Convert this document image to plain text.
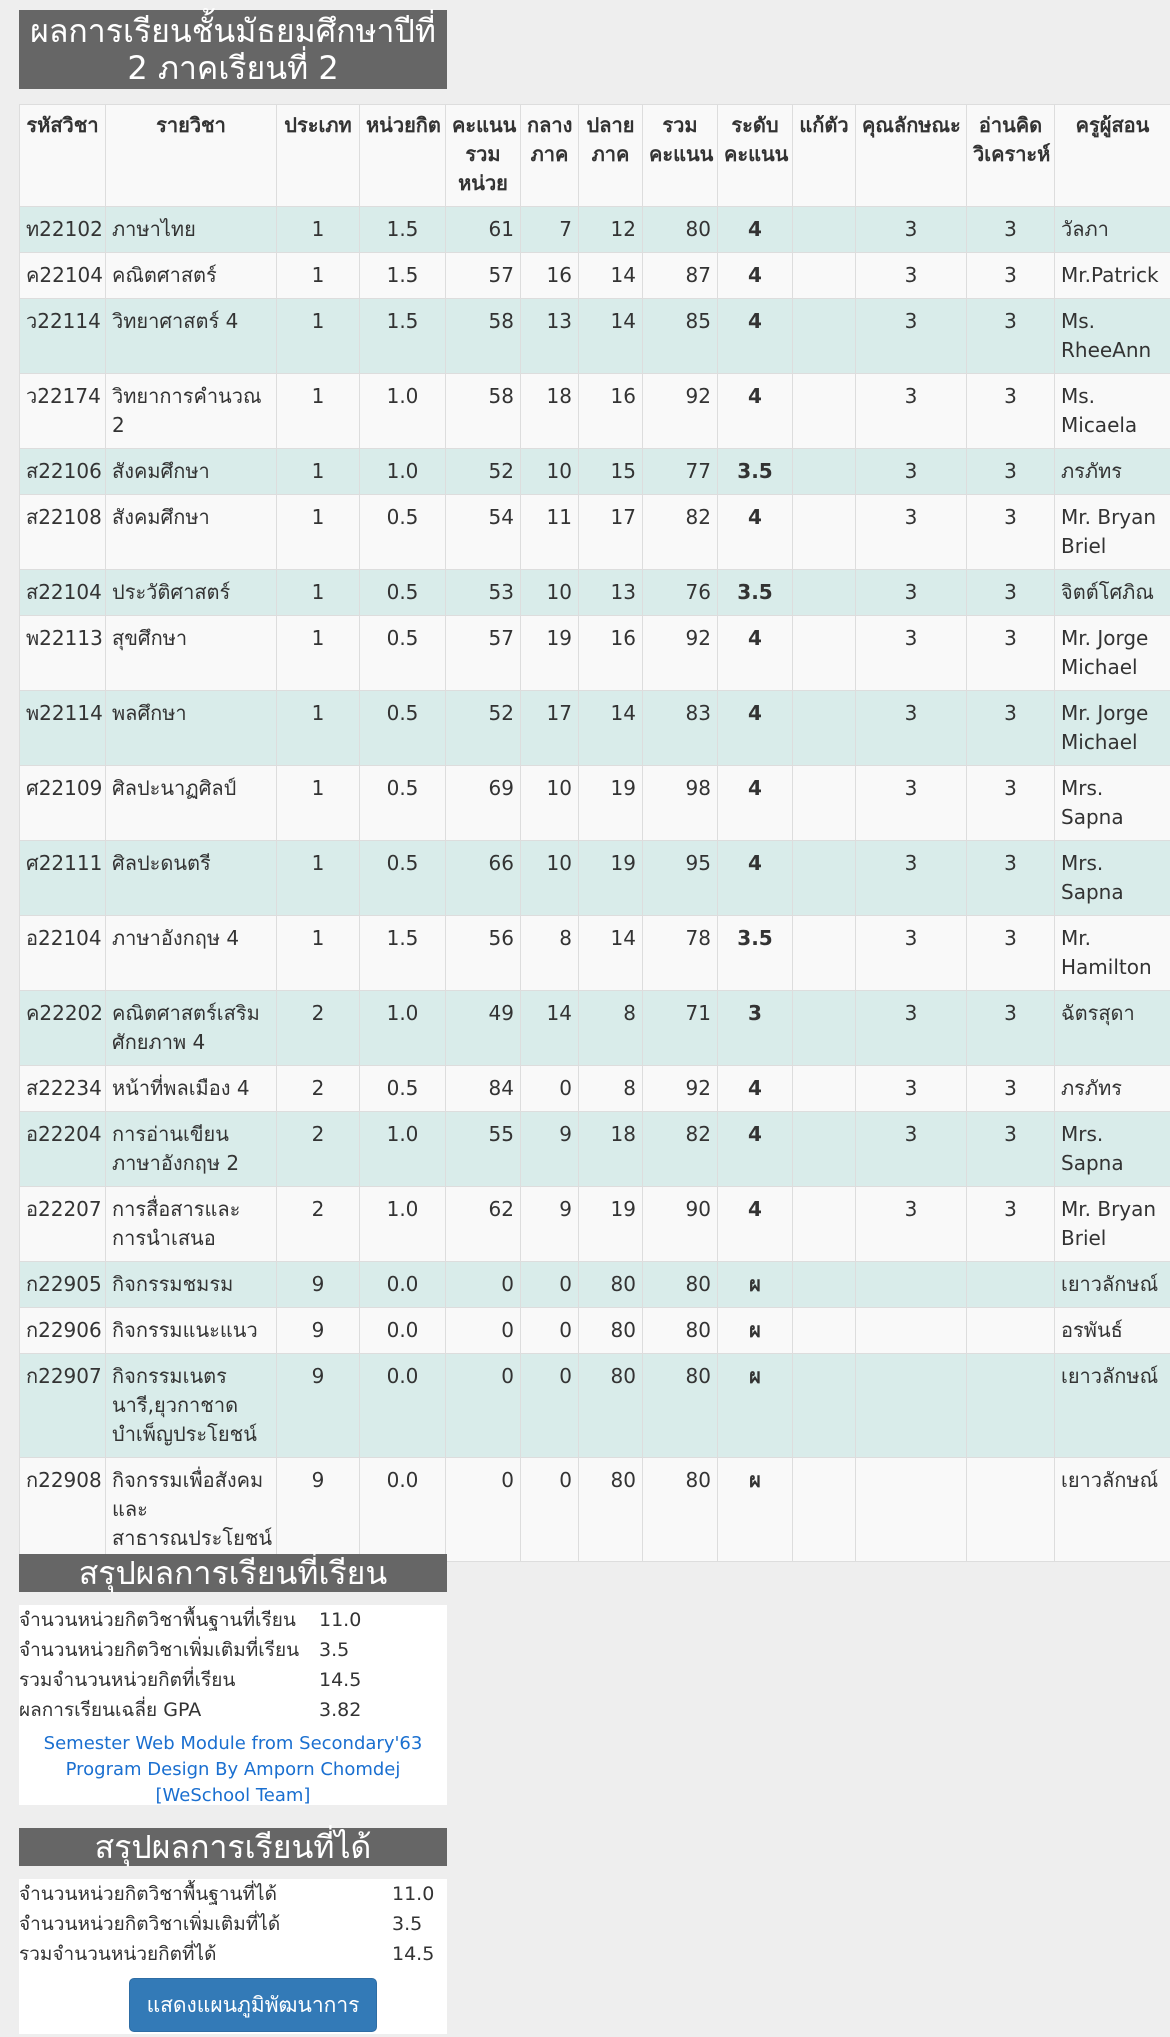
ผลการเรียนชั้นมัธยมศึกษาปีที่ 2 ภาคเรียนที่ 2
รหัสวิชา	รายวิชา	ประเภท	หน่วยกิต	คะแนนรวมหน่วย	กลางภาค	ปลายภาค	รวมคะแนน	ระดับคะแนน	แก้ตัว	คุณลักษณะ	อ่านคิดวิเคราะห์	ครูผู้สอน
ท22102	ภาษาไทย	1	1.5	61	7	12	80	4		3	3	วัลภา
ค22104	คณิตศาสตร์	1	1.5	57	16	14	87	4		3	3	Mr.Patrick
ว22114	วิทยาศาสตร์ 4	1	1.5	58	13	14	85	4		3	3	Ms. RheeAnn
ว22174	วิทยาการคำนวณ 2	1	1.0	58	18	16	92	4		3	3	Ms. Micaela
ส22106	สังคมศึกษา	1	1.0	52	10	15	77	3.5		3	3	ภรภัทร
ส22108	สังคมศึกษา	1	0.5	54	11	17	82	4		3	3	Mr. Bryan Briel
ส22104	ประวัติศาสตร์	1	0.5	53	10	13	76	3.5		3	3	จิตต์โศภิณ
พ22113	สุขศึกษา	1	0.5	57	19	16	92	4		3	3	Mr. Jorge Michael
พ22114	พลศึกษา	1	0.5	52	17	14	83	4		3	3	Mr. Jorge Michael
ศ22109	ศิลปะนาฏศิลป์	1	0.5	69	10	19	98	4		3	3	Mrs. Sapna
ศ22111	ศิลปะดนตรี	1	0.5	66	10	19	95	4		3	3	Mrs. Sapna
อ22104	ภาษาอังกฤษ 4	1	1.5	56	8	14	78	3.5		3	3	Mr. Hamilton
ค22202	คณิตศาสตร์เสริมศักยภาพ 4	2	1.0	49	14	8	71	3		3	3	ฉัตรสุดา
ส22234	หน้าที่พลเมือง 4	2	0.5	84	0	8	92	4		3	3	ภรภัทร
อ22204	การอ่านเขียนภาษาอังกฤษ 2	2	1.0	55	9	18	82	4		3	3	Mrs. Sapna
อ22207	การสื่อสารและการนำเสนอ	2	1.0	62	9	19	90	4		3	3	Mr. Bryan Briel
ก22905	กิจกรรมชมรม	9	0.0	0	0	80	80	ผ				เยาวลักษณ์
ก22906	กิจกรรมแนะแนว	9	0.0	0	0	80	80	ผ				อรพันธ์
ก22907	กิจกรรมเนตรนารี,ยุวกาชาดบำเพ็ญประโยชน์	9	0.0	0	0	80	80	ผ				เยาวลักษณ์
ก22908	กิจกรรมเพื่อสังคมและสาธารณประโยชน์	9	0.0	0	0	80	80	ผ				เยาวลักษณ์
สรุปผลการเรียนที่เรียน
จำนวนหน่วยกิตวิชาพื้นฐานที่เรียน 11.0
จำนวนหน่วยกิตวิชาเพิ่มเติมที่เรียน 3.5
รวมจำนวนหน่วยกิตที่เรียน	14.5
ผลการเรียนเฉลี่ย GPA	3.82
Semester Web Module from Secondary'63 Program Design By Amporn Chomdej [WeSchool Team]
สรุปผลการเรียนที่ได้
จำนวนหน่วยกิตวิชาพื้นฐานที่ได้	11.0
จำนวนหน่วยกิตวิชาเพิ่มเติมที่ได้	3.5
รวมจำนวนหน่วยกิตที่ได้	14.5
แสดงแผนภูมิพัฒนาการ
